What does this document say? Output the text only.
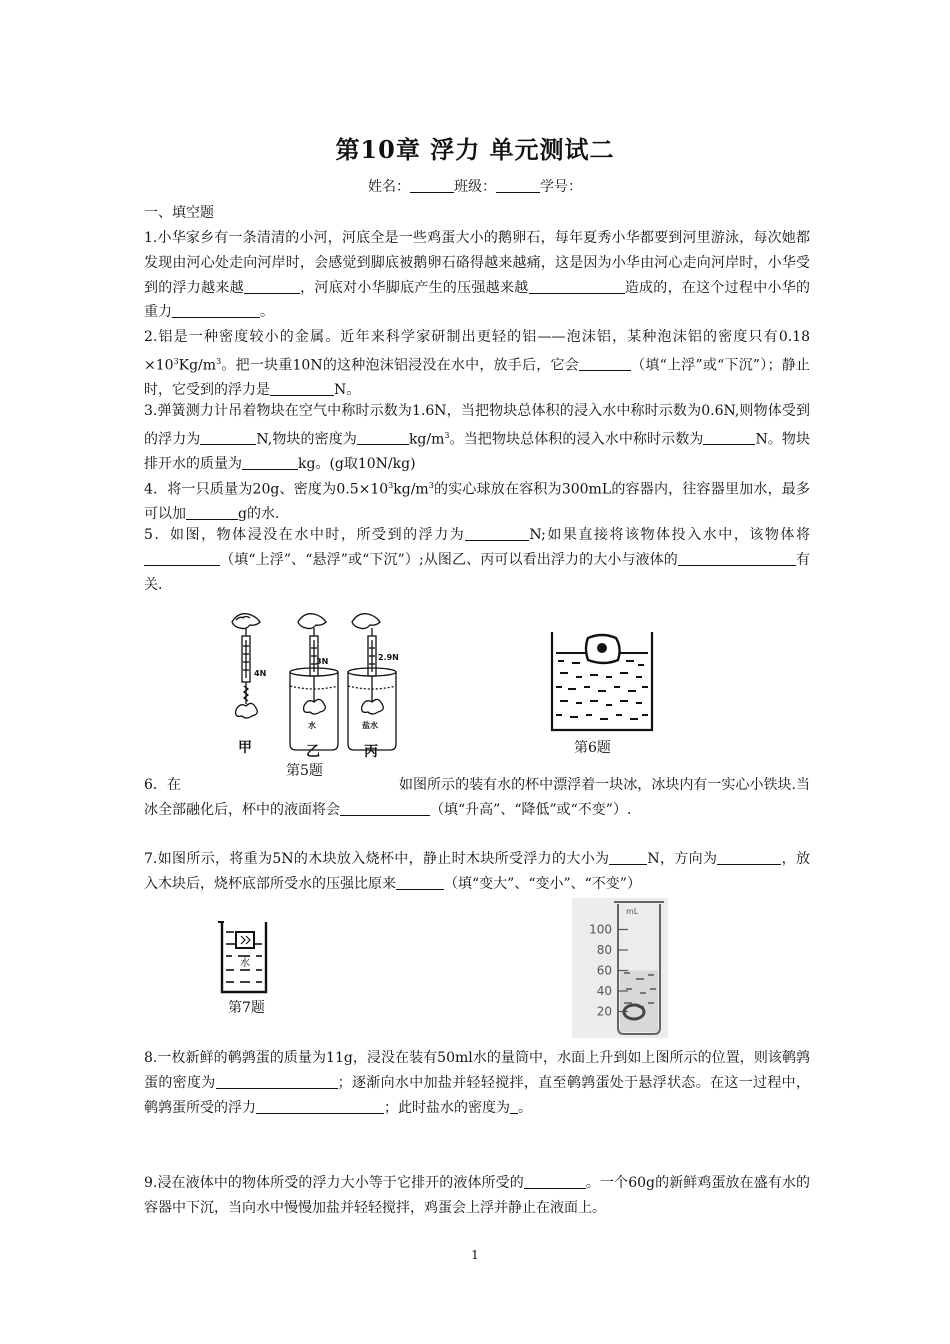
第10章 浮力 单元测试二
姓名：	班级：	学号：
一、填空题
1.小华家乡有一条清清的小河，河底全是一些鸡蛋大小的鹅卵石，每年夏秀小华都要到河里游泳，每次她都发现由河心处走向河岸时，会感觉到脚底被鹅卵石硌得越来越痛，这是因为小华由河心走向河岸时，小华受到的浮力越来越	，河底对小华脚底产生的压强越来越	造成的，在这个过程中小华的重力	。
2.铝是一种密度较小的金属。近年来科学家研制出更轻的铝——泡沫铝，某种泡沫铝的密度只有$0.18 \times 10^3Kg/m^3$。把一块重10N的这种泡沫铝浸没在水中，放手后，它会	（填“上浮”或“下沉”）；静止时，它受到的浮力是	N。
3.弹簧测力计吊着物块在空气中称时示数为1.6N，当把物块总体积的浸入水中称时示数为0.6N,则物体受到的浮力为	N,物块的密度为	$kg/m^3$。当把物块总体积的浸入水中称时示数为	N。物块排开水的质量为	kg。(g取10N/kg)
4．将一只质量为20g、密度为$0.5\times 10^3kg/m^3$的实心球放在容积为300mL的容器内，往容器里加水，最多可以加	g的水.
5．如图，物体浸没在水中时，所受到的浮力为	N;如果直接将该物体投入水中，该物体将（填“上浮”、“悬浮”或“下沉”）;从图乙、丙可以看出浮力的大小与液体的	有关.
4N
3N	2.9N
水	盐水
甲	乙	丙
第5题
第6题
6．在	如图所示的装有水的杯中漂浮着一块冰，冰块内有一实心小铁块.当冰全部融化后，杯中的液面将会	（填“升高”、“降低”或“不变”）.
7.如图所示，将重为5N的木块放入烧杯中，静止时木块所受浮力的大小为	N，方向为	，放入木块后，烧杯底部所受水的压强比原来	（填“变大”、“变小”、“不变”）
水
第7题
mL
100
80
60
40
20
8.一枚新鲜的鹌鹑蛋的质量为11g，浸没在装有50ml水的量筒中，水面上升到如上图所示的位置，则该鹌鹑蛋的密度为	；逐渐向水中加盐并轻轻搅拌，直至鹌鹑蛋处于悬浮状态。在这一过程中，鹌鹑蛋所受的浮力	；此时盐水的密度为 。
9.浸在液体中的物体所受的浮力大小等于它排开的液体所受的	。一个60g的新鲜鸡蛋放在盛有水的容器中下沉，当向水中慢慢加盐并轻轻搅拌，鸡蛋会上浮并静止在液面上。
1
